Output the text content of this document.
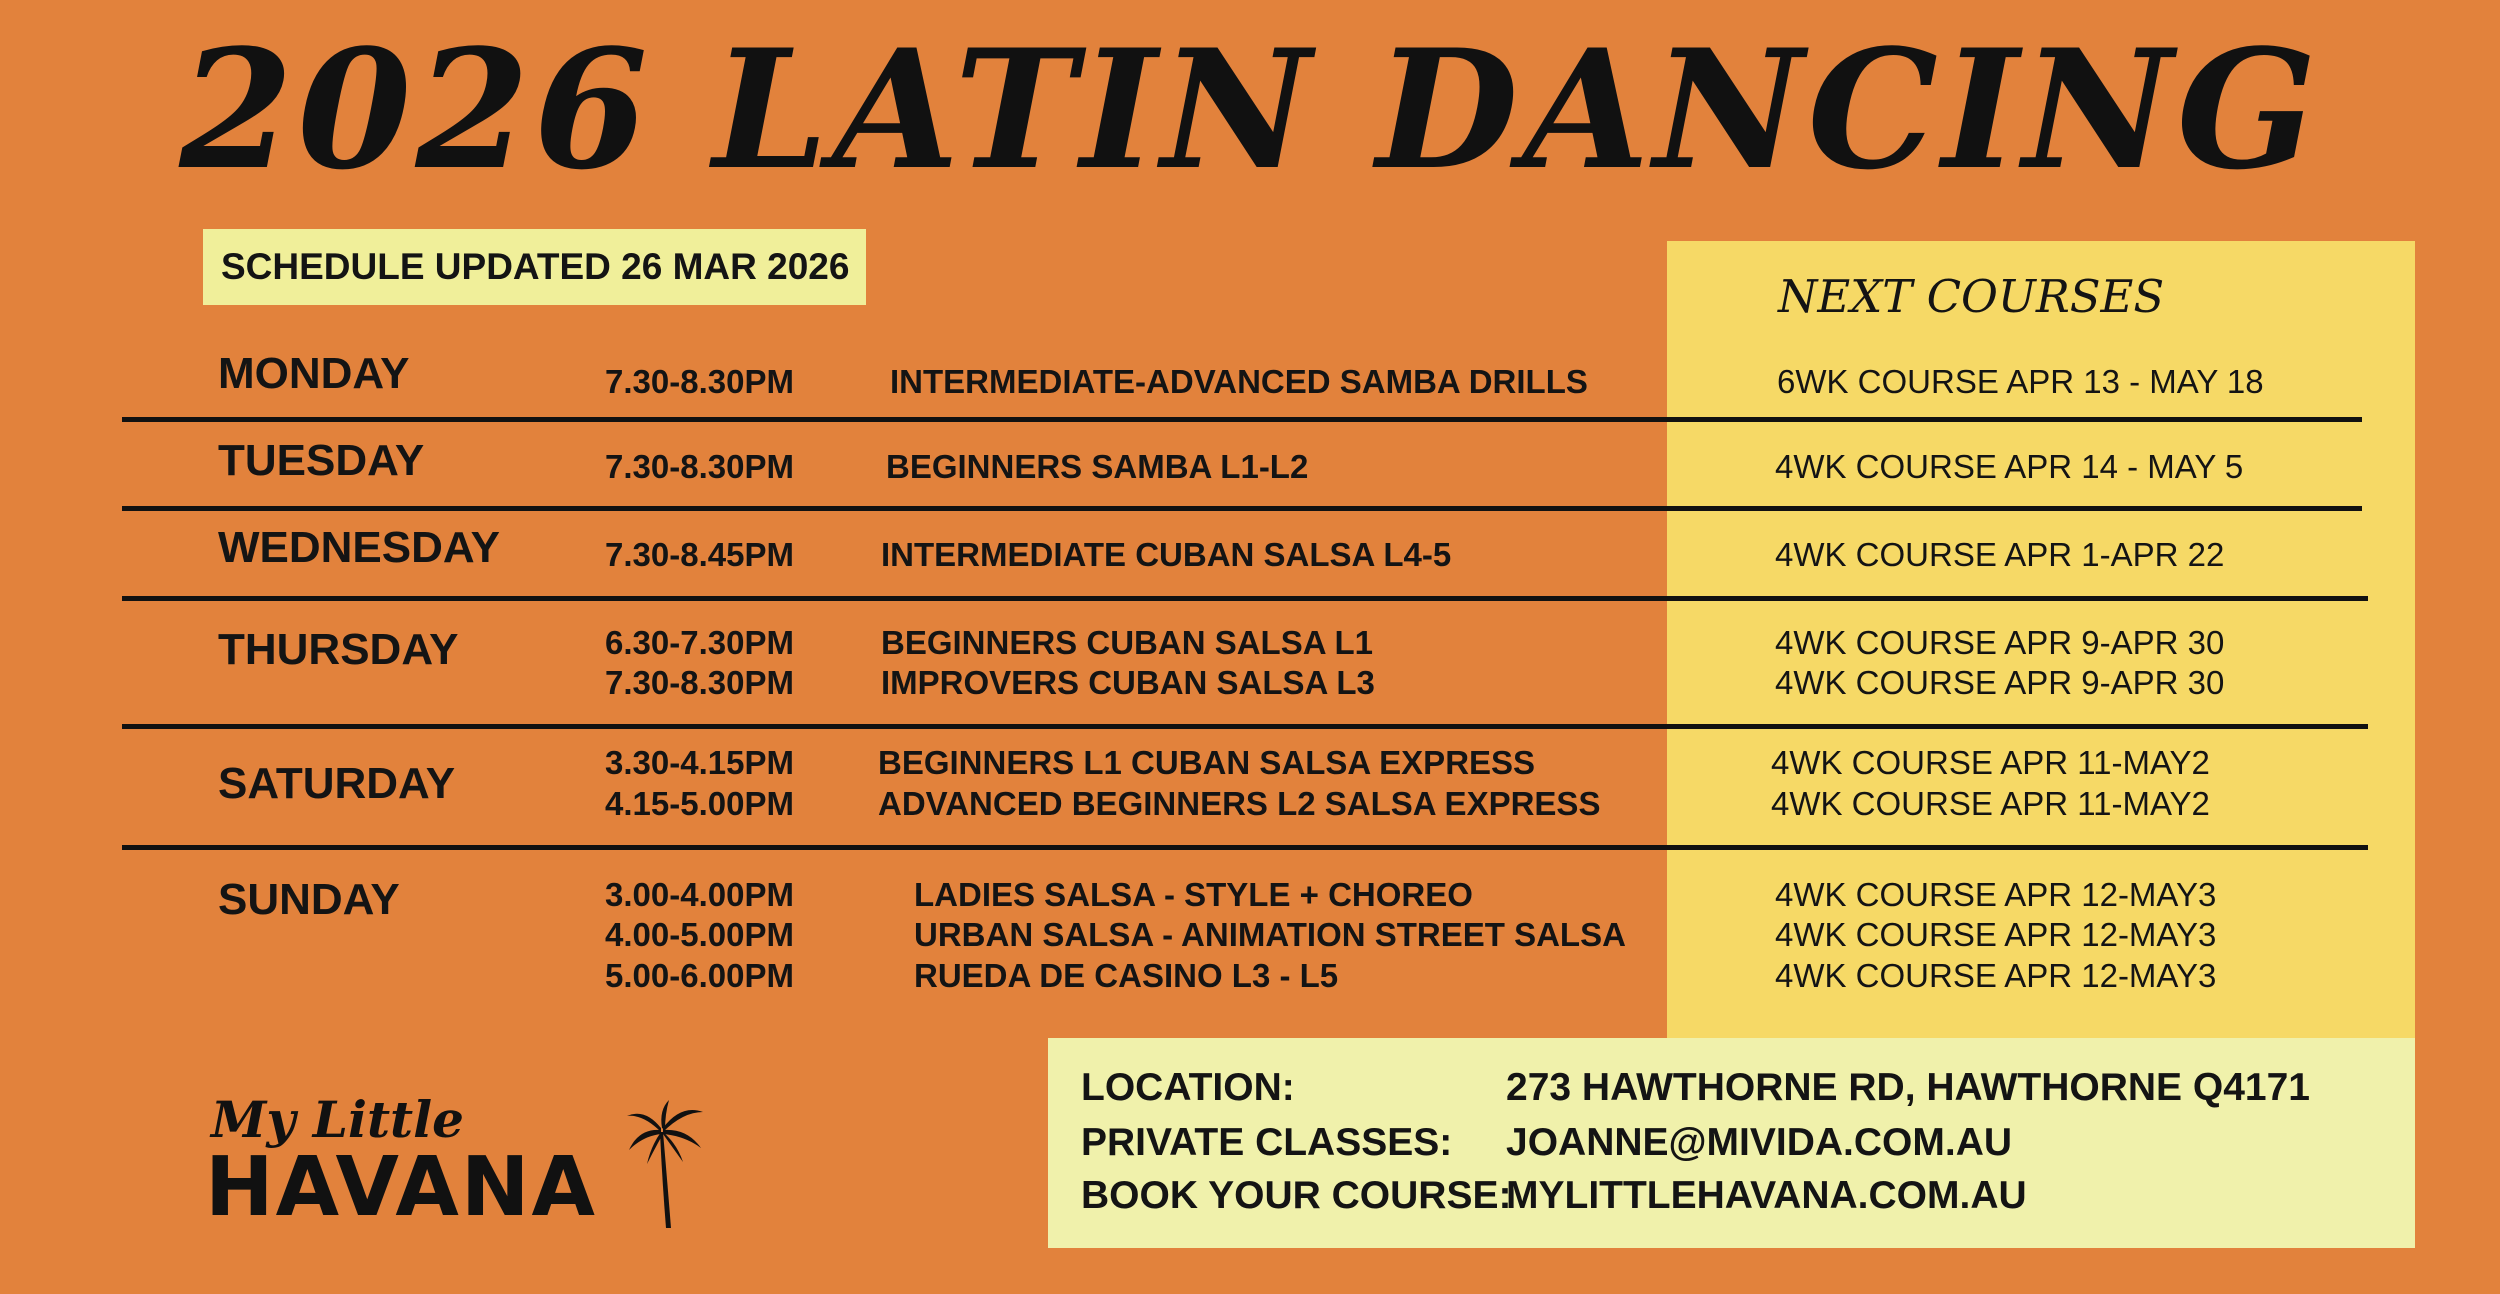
2026 LATIN DANCING
SCHEDULE UPDATED 26 MAR 2026
NEXT COURSES
MONDAY	7.30-8.30PM	INTERMEDIATE-ADVANCED SAMBA DRILLS	6WK COURSE APR 13 - MAY 18
TUESDAY	7.30-8.30PM	BEGINNERS SAMBA L1-L2	4WK COURSE APR 14 - MAY 5
WEDNESDAY	7.30-8.45PM	INTERMEDIATE CUBAN SALSA L4-5	4WK COURSE APR 1-APR 22
THURSDAY	6.30-7.30PM	BEGINNERS CUBAN SALSA L1	4WK COURSE APR 9-APR 30
7.30-8.30PM	IMPROVERS CUBAN SALSA L3	4WK COURSE APR 9-APR 30
SATURDAY	3.30-4.15PM	BEGINNERS L1 CUBAN SALSA EXPRESS	4WK COURSE APR 11-MAY2
4.15-5.00PM	ADVANCED BEGINNERS L2 SALSA EXPRESS	4WK COURSE APR 11-MAY2
SUNDAY	3.00-4.00PM	LADIES SALSA - STYLE + CHOREO	4WK COURSE APR 12-MAY3
4.00-5.00PM	URBAN SALSA - ANIMATION STREET SALSA	4WK COURSE APR 12-MAY3
5.00-6.00PM	RUEDA DE CASINO L3 - L5	4WK COURSE APR 12-MAY3
LOCATION:	273 HAWTHORNE RD, HAWTHORNE Q4171
PRIVATE CLASSES: JOANNE@MIVIDA.COM.AU
BOOK YOUR COURSE:
MYLITTLEHAVANA.COM.AU
My Little
HAVANA
